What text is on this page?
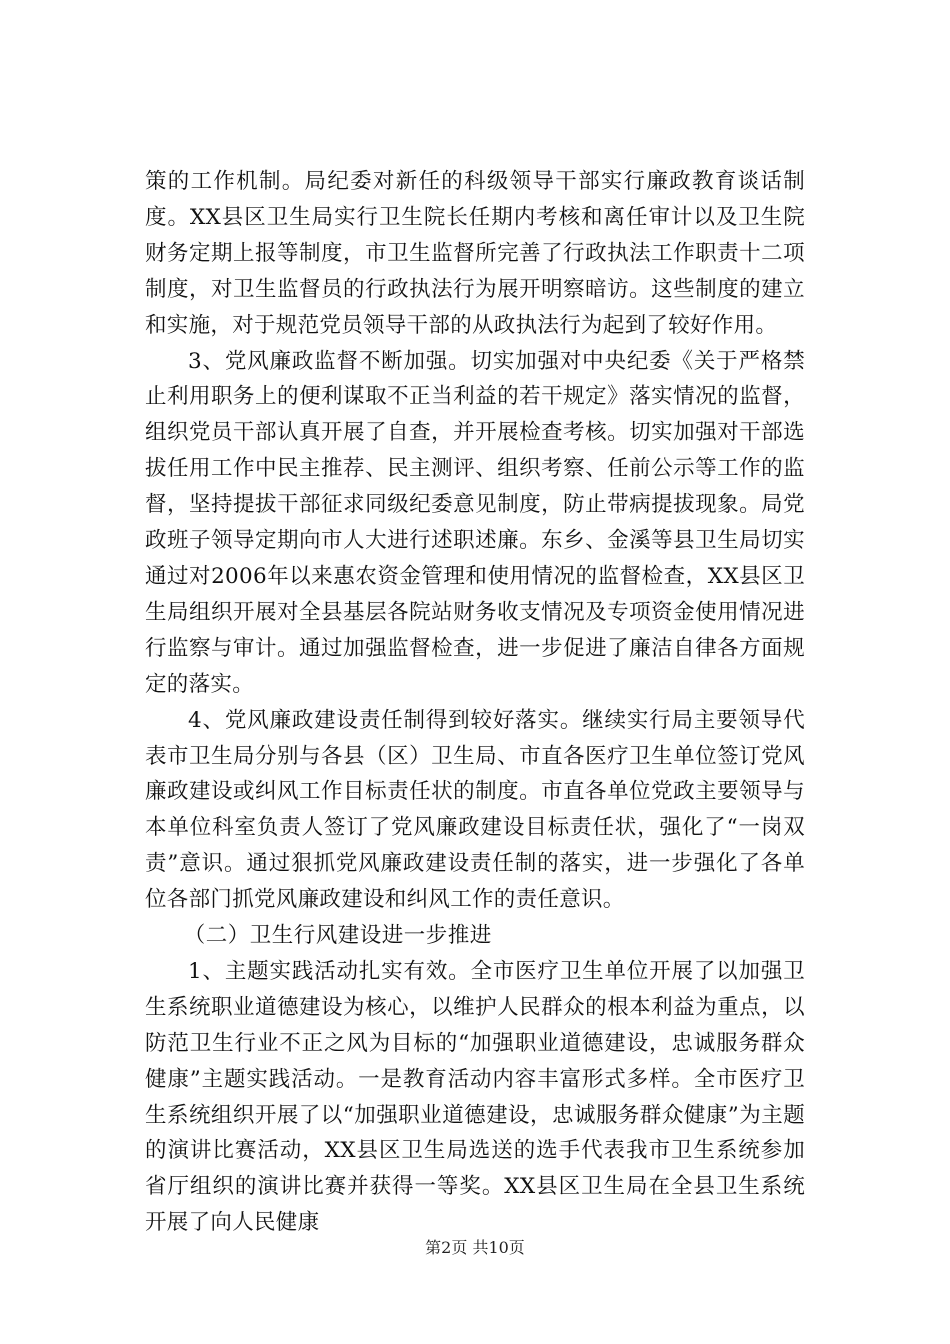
策的工作机制。局纪委对新任的科级领导干部实行廉政教育谈话制度。XX县区卫生局实行卫生院长任期内考核和离任审计以及卫生院财务定期上报等制度，市卫生监督所完善了行政执法工作职责十二项制度，对卫生监督员的行政执法行为展开明察暗访。这些制度的建立和实施，对于规范党员领导干部的从政执法行为起到了较好作用。

3、党风廉政监督不断加强。切实加强对中央纪委《关于严格禁止利用职务上的便利谋取不正当利益的若干规定》落实情况的监督，组织党员干部认真开展了自查，并开展检查考核。切实加强对干部选拔任用工作中民主推荐、民主测评、组织考察、任前公示等工作的监督，坚持提拔干部征求同级纪委意见制度，防止带病提拔现象。局党政班子领导定期向市人大进行述职述廉。东乡、金溪等县卫生局切实通过对2006年以来惠农资金管理和使用情况的监督检查，XX县区卫生局组织开展对全县基层各院站财务收支情况及专项资金使用情况进行监察与审计。通过加强监督检查，进一步促进了廉洁自律各方面规定的落实。

4、党风廉政建设责任制得到较好落实。继续实行局主要领导代表市卫生局分别与各县（区）卫生局、市直各医疗卫生单位签订党风廉政建设或纠风工作目标责任状的制度。市直各单位党政主要领导与本单位科室负责人签订了党风廉政建设目标责任状，强化了“一岗双责”意识。通过狠抓党风廉政建设责任制的落实，进一步强化了各单位各部门抓党风廉政建设和纠风工作的责任意识。

（二）卫生行风建设进一步推进

1、主题实践活动扎实有效。全市医疗卫生单位开展了以加强卫生系统职业道德建设为核心，以维护人民群众的根本利益为重点，以防范卫生行业不正之风为目标的“加强职业道德建设，忠诚服务群众健康”主题实践活动。一是教育活动内容丰富形式多样。全市医疗卫生系统组织开展了以“加强职业道德建设，忠诚服务群众健康”为主题的演讲比赛活动，XX县区卫生局选送的选手代表我市卫生系统参加省厅组织的演讲比赛并获得一等奖。XX县区卫生局在全县卫生系统开展了向人民健康

第2页 共10页
